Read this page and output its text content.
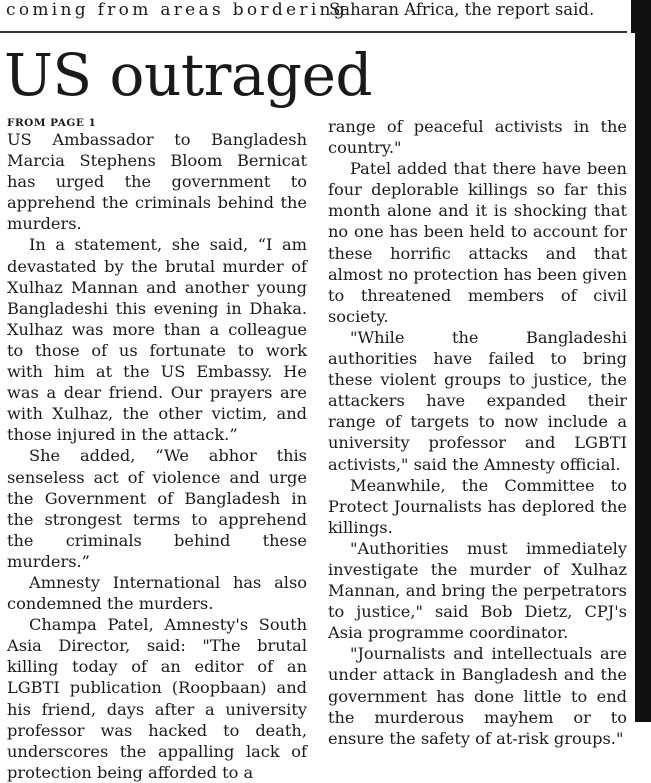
coming from areas bordering
Saharan Africa, the report said.
US outraged
FROM PAGE 1

US Ambassador to Bangladesh Marcia Stephens Bloom Bernicat has urged the government to apprehend the criminals behind the murders.

In a statement, she said, “I am devastated by the brutal murder of Xulhaz Mannan and another young Bangladeshi this evening in Dhaka. Xulhaz was more than a colleague to those of us fortunate to work with him at the US Embassy. He was a dear friend. Our prayers are with Xulhaz, the other victim, and those injured in the attack.”

She added, “We abhor this senseless act of violence and urge the Government of Bangladesh in the strongest terms to apprehend the criminals behind these murders.”

Amnesty International has also condemned the murders.

Champa Patel, Amnesty's South Asia Director, said: "The brutal killing today of an editor of an LGBTI publication (Roopbaan) and his friend, days after a university professor was hacked to death, underscores the appalling lack of protection being afforded to a

range of peaceful activists in the country."

Patel added that there have been four deplorable killings so far this month alone and it is shocking that no one has been held to account for these horrific attacks and that almost no protection has been given to threatened members of civil society.

"While the Bangladeshi authorities have failed to bring these violent groups to justice, the attackers have expanded their range of targets to now include a university professor and LGBTI activists," said the Amnesty official.

Meanwhile, the Committee to Protect Journalists has deplored the killings.

"Authorities must immediately investigate the murder of Xulhaz Mannan, and bring the perpetrators to justice," said Bob Dietz, CPJ's Asia programme coordinator.

"Journalists and intellectuals are under attack in Bangladesh and the government has done little to end the murderous mayhem or to ensure the safety of at-risk groups."
